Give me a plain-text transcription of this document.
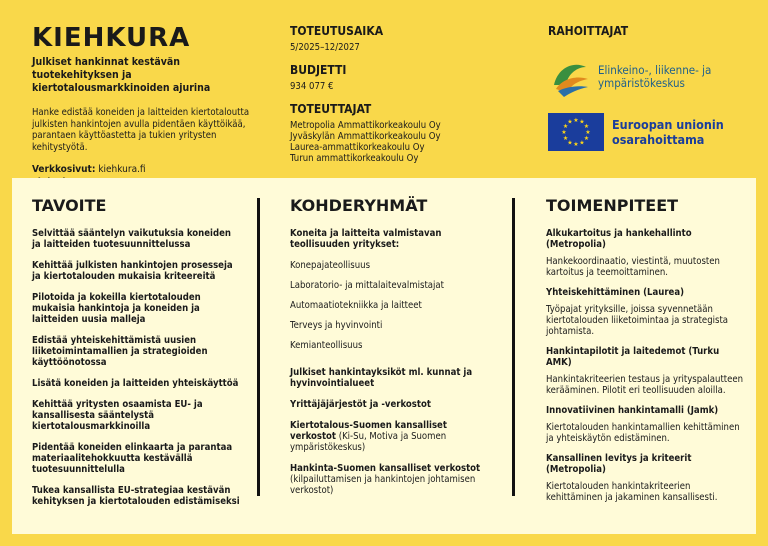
KIEHKURA
Julkiset hankinnat kestävän tuotekehityksen ja kiertotalousmarkkinoiden ajurina
Hanke edistää koneiden ja laitteiden kiertotaloutta julkisten hankintojen avulla pidentäen käyttöikää, parantaen käyttöastetta ja tukien yritysten kehitystyötä.
Verkkosivut: kiehkura.fi
TOTEUTUSAIKA
5/2025–12/2027
BUDJETTI
934 077 €
TOTEUTTAJAT
Metropolia Ammattikorkeakoulu Oy
Jyväskylän Ammattikorkeakoulu Oy
Laurea-ammattikorkeakoulu Oy
Turun ammattikorkeakoulu Oy
RAHOITTAJAT
Elinkeino-, liikenne- ja
ympäristökeskus
★ ★
★
★
★
★
★
★
★
★
★
★	Euroopan unionin
osarahoittama
TAVOITE
Selvittää sääntelyn vaikutuksia koneiden ja laitteiden tuotesuunnittelussa
Kehittää julkisten hankintojen prosesseja ja kiertotalouden mukaisia kriteereitä
Pilotoida ja kokeilla kiertotalouden mukaisia hankintoja ja koneiden ja laitteiden uusia malleja
Edistää yhteiskehittämistä uusien liiketoimintamallien ja strategioiden käyttöönotossa
Lisätä koneiden ja laitteiden yhteiskäyttöä
Kehittää yritysten osaamista EU- ja kansallisesta sääntelystä kiertotalousmarkkinoilla
Pidentää koneiden elinkaarta ja parantaa materiaalitehokkuutta kestävällä tuotesuunnittelulla
Tukea kansallista EU-strategiaa kestävän kehityksen ja kiertotalouden edistämiseksi
KOHDERYHMÄT
Koneita ja laitteita valmistavan teollisuuden yritykset:
Konepajateollisuus
Laboratorio- ja mittalaitevalmistajat
Automaatiotekniikka ja laitteet
Terveys ja hyvinvointi
Kemianteollisuus
Julkiset hankintayksiköt ml. kunnat ja hyvinvointialueet
Yrittäjäjärjestöt ja -verkostot
Kiertotalous-Suomen kansalliset verkostot (Ki-Su, Motiva ja Suomen ympäristökeskus)
Hankinta-Suomen kansalliset verkostot (kilpailuttamisen ja hankintojen johtamisen verkostot)
TOIMENPITEET
Alkukartoitus ja hankehallinto (Metropolia)
Hankekoordinaatio, viestintä, muutosten kartoitus ja teemoittaminen.
Yhteiskehittäminen (Laurea)
Työpajat yrityksille, joissa syvennetään kiertotalouden liiketoimintaa ja strategista johtamista.
Hankintapilotit ja laitedemot (Turku AMK)
Hankintakriteerien testaus ja yrityspalautteen kerääminen. Pilotit eri teollisuuden aloilla.
Innovatiivinen hankintamalli (Jamk)
Kiertotalouden hankintamallien kehittäminen ja yhteiskäytön edistäminen.
Kansallinen levitys ja kriteerit (Metropolia)
Kiertotalouden hankintakriteerien kehittäminen ja jakaminen kansallisesti.
